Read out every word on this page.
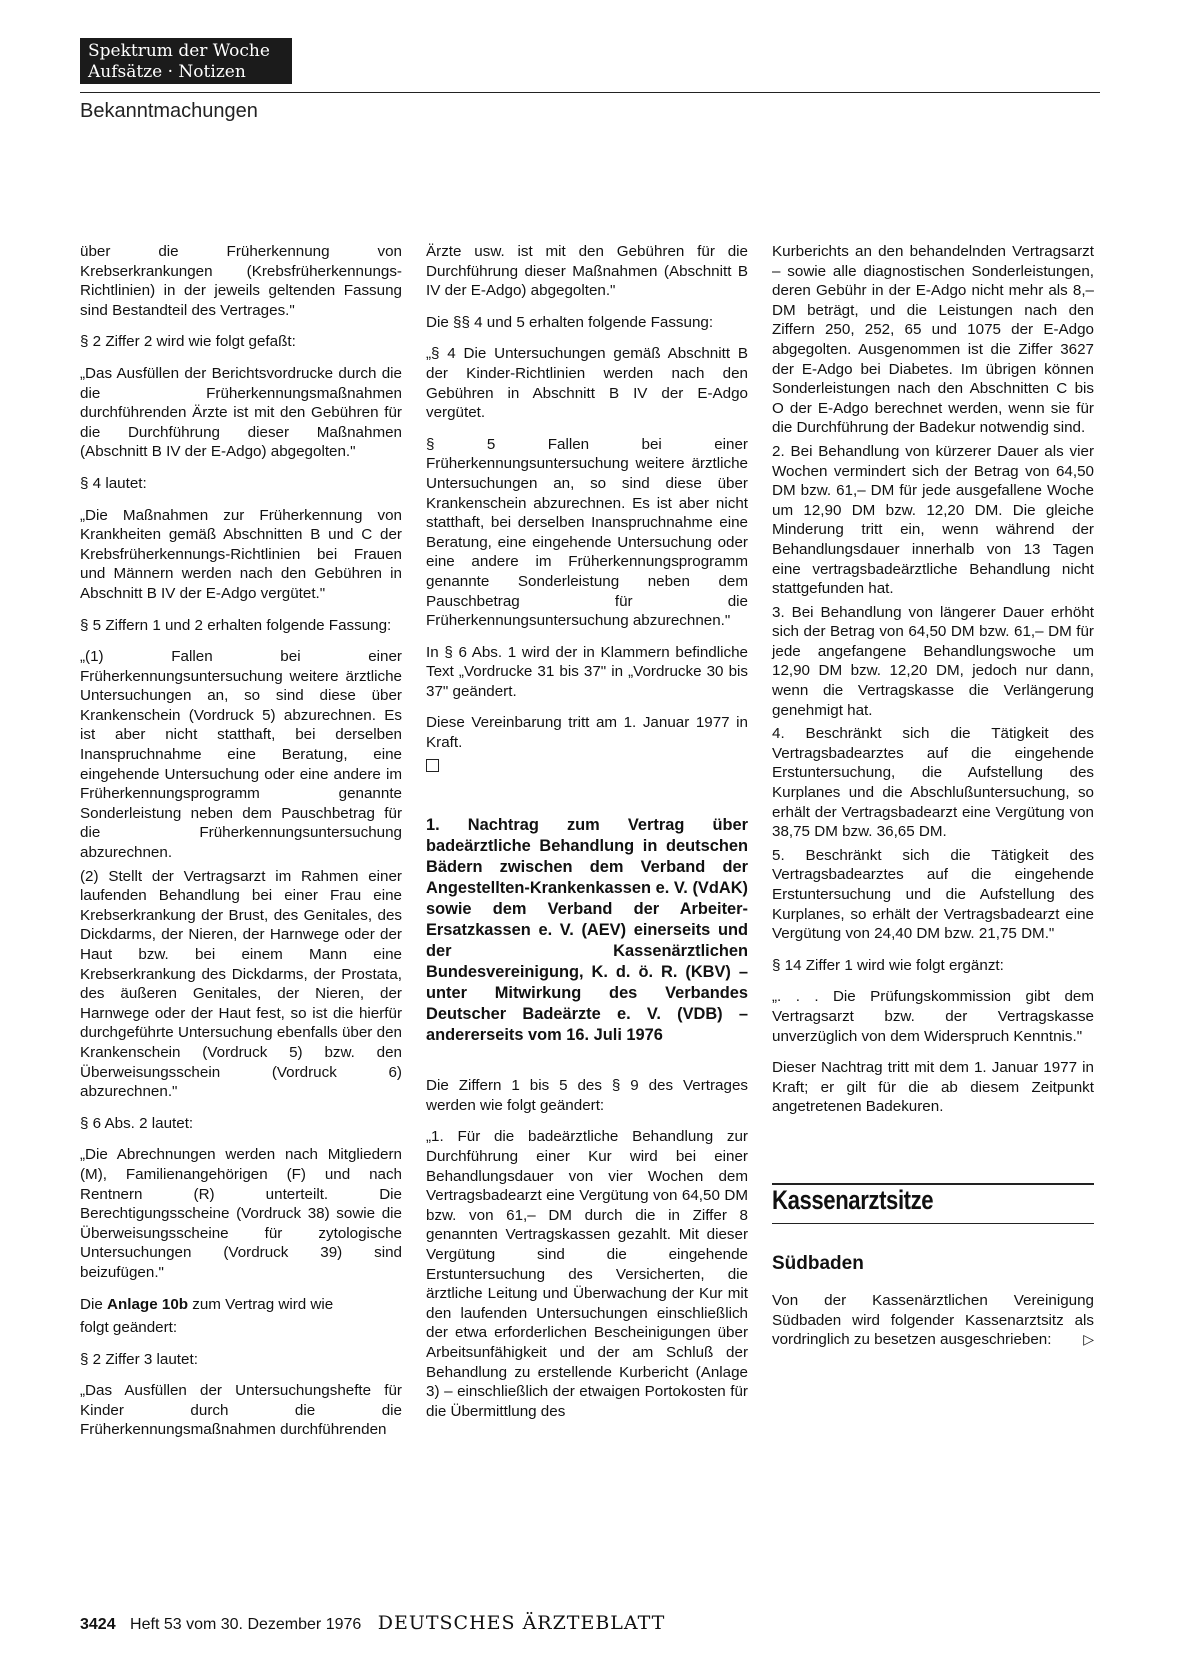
Spektrum der Woche
Aufsätze · Notizen
Bekanntmachungen

über die Früherkennung von Krebserkrankungen (Krebsfrüherkennungs-Richtlinien) in der jeweils geltenden Fassung sind Bestandteil des Vertrages."

§ 2 Ziffer 2 wird wie folgt gefaßt:

„Das Ausfüllen der Berichtsvordrucke durch die die Früherkennungsmaßnahmen durchführenden Ärzte ist mit den Gebühren für die Durchführung dieser Maßnahmen (Abschnitt B IV der E-Adgo) abgegolten."

§ 4 lautet:

„Die Maßnahmen zur Früherkennung von Krankheiten gemäß Abschnitten B und C der Krebsfrüherkennungs-Richtlinien bei Frauen und Männern werden nach den Gebühren in Abschnitt B IV der E-Adgo vergütet."

§ 5 Ziffern 1 und 2 erhalten folgende Fassung:

„(1) Fallen bei einer Früherkennungsuntersuchung weitere ärztliche Untersuchungen an, so sind diese über Krankenschein (Vordruck 5) abzurechnen. Es ist aber nicht statthaft, bei derselben Inanspruchnahme eine Beratung, eine eingehende Untersuchung oder eine andere im Früherkennungsprogramm genannte Sonderleistung neben dem Pauschbetrag für die Früherkennungsuntersuchung abzurechnen.

(2) Stellt der Vertragsarzt im Rahmen einer laufenden Behandlung bei einer Frau eine Krebserkrankung der Brust, des Genitales, des Dickdarms, der Nieren, der Harnwege oder der Haut bzw. bei einem Mann eine Krebserkrankung des Dickdarms, der Prostata, des äußeren Genitales, der Nieren, der Harnwege oder der Haut fest, so ist die hierfür durchgeführte Untersuchung ebenfalls über den Krankenschein (Vordruck 5) bzw. den Überweisungsschein (Vordruck 6) abzurechnen."

§ 6 Abs. 2 lautet:

„Die Abrechnungen werden nach Mitgliedern (M), Familienangehörigen (F) und nach Rentnern (R) unterteilt. Die Berechtigungsscheine (Vordruck 38) sowie die Überweisungsscheine für zytologische Untersuchungen (Vordruck 39) sind beizufügen."

Die Anlage 10b zum Vertrag wird wie

folgt geändert:

§ 2 Ziffer 3 lautet:

„Das Ausfüllen der Untersuchungshefte für Kinder durch die die Früherkennungsmaßnahmen durchführenden

Ärzte usw. ist mit den Gebühren für die Durchführung dieser Maßnahmen (Abschnitt B IV der E-Adgo) abgegolten."

Die §§ 4 und 5 erhalten folgende Fassung:

„§ 4 Die Untersuchungen gemäß Abschnitt B der Kinder-Richtlinien werden nach den Gebühren in Abschnitt B IV der E-Adgo vergütet.

§ 5 Fallen bei einer Früherkennungsuntersuchung weitere ärztliche Untersuchungen an, so sind diese über Krankenschein abzurechnen. Es ist aber nicht statthaft, bei derselben Inanspruchnahme eine Beratung, eine eingehende Untersuchung oder eine andere im Früherkennungsprogramm genannte Sonderleistung neben dem Pauschbetrag für die Früherkennungsuntersuchung abzurechnen."

In § 6 Abs. 1 wird der in Klammern befindliche Text „Vordrucke 31 bis 37" in „Vordrucke 30 bis 37" geändert.

Diese Vereinbarung tritt am 1. Januar 1977 in Kraft.

1. Nachtrag zum Vertrag über badeärztliche Behandlung in deutschen Bädern zwischen dem Verband der Angestellten-Krankenkassen e. V. (VdAK) sowie dem Verband der Arbeiter-Ersatzkassen e. V. (AEV) einerseits und der Kassenärztlichen Bundesvereinigung, K. d. ö. R. (KBV) – unter Mitwirkung des Verbandes Deutscher Badeärzte e. V. (VDB) – andererseits vom 16. Juli 1976

Die Ziffern 1 bis 5 des § 9 des Vertrages werden wie folgt geändert:

„1. Für die badeärztliche Behandlung zur Durchführung einer Kur wird bei einer Behandlungsdauer von vier Wochen dem Vertragsbadearzt eine Vergütung von 64,50 DM bzw. von 61,– DM durch die in Ziffer 8 genannten Vertragskassen gezahlt. Mit dieser Vergütung sind die eingehende Erstuntersuchung des Versicherten, die ärztliche Leitung und Überwachung der Kur mit den laufenden Untersuchungen einschließlich der etwa erforderlichen Bescheinigungen über Arbeitsunfähigkeit und der am Schluß der Behandlung zu erstellende Kurbericht (Anlage 3) – einschließlich der etwaigen Portokosten für die Übermittlung des

Kurberichts an den behandelnden Vertragsarzt – sowie alle diagnostischen Sonderleistungen, deren Gebühr in der E-Adgo nicht mehr als 8,– DM beträgt, und die Leistungen nach den Ziffern 250, 252, 65 und 1075 der E-Adgo abgegolten. Ausgenommen ist die Ziffer 3627 der E-Adgo bei Diabetes. Im übrigen können Sonderleistungen nach den Abschnitten C bis O der E-Adgo berechnet werden, wenn sie für die Durchführung der Badekur notwendig sind.

2. Bei Behandlung von kürzerer Dauer als vier Wochen vermindert sich der Betrag von 64,50 DM bzw. 61,– DM für jede ausgefallene Woche um 12,90 DM bzw. 12,20 DM. Die gleiche Minderung tritt ein, wenn während der Behandlungsdauer innerhalb von 13 Tagen eine vertragsbadeärztliche Behandlung nicht stattgefunden hat.

3. Bei Behandlung von längerer Dauer erhöht sich der Betrag von 64,50 DM bzw. 61,– DM für jede angefangene Behandlungswoche um 12,90 DM bzw. 12,20 DM, jedoch nur dann, wenn die Vertragskasse die Verlängerung genehmigt hat.

4. Beschränkt sich die Tätigkeit des Vertragsbadearztes auf die eingehende Erstuntersuchung, die Aufstellung des Kurplanes und die Abschlußuntersuchung, so erhält der Vertragsbadearzt eine Vergütung von 38,75 DM bzw. 36,65 DM.

5. Beschränkt sich die Tätigkeit des Vertragsbadearztes auf die eingehende Erstuntersuchung und die Aufstellung des Kurplanes, so erhält der Vertragsbadearzt eine Vergütung von 24,40 DM bzw. 21,75 DM."

§ 14 Ziffer 1 wird wie folgt ergänzt:

„. . . Die Prüfungskommission gibt dem Vertragsarzt bzw. der Vertragskasse unverzüglich von dem Widerspruch Kenntnis."

Dieser Nachtrag tritt mit dem 1. Januar 1977 in Kraft; er gilt für die ab diesem Zeitpunkt angetretenen Badekuren.

Kassenarztsitze
Südbaden

Von der Kassenärztlichen Vereinigung Südbaden wird folgender Kassenarztsitz als vordringlich zu besetzen ausgeschrieben: ▷

3424 Heft 53 vom 30. Dezember 1976 DEUTSCHES ÄRZTEBLATT
